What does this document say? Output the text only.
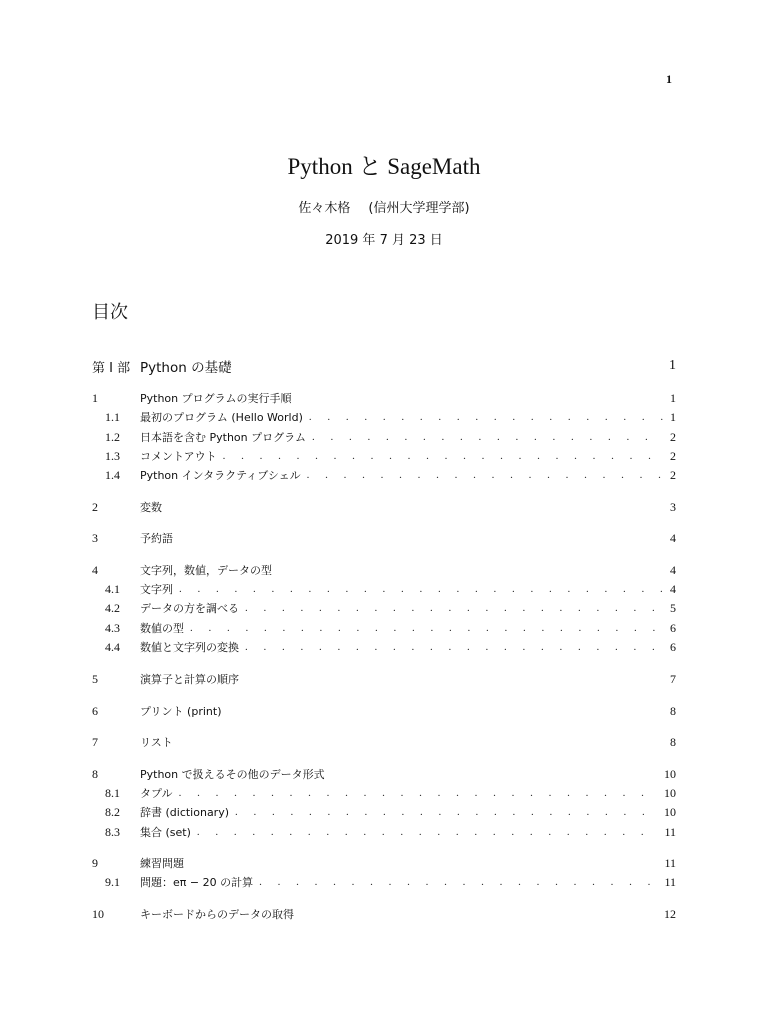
1
Python と SageMath
佐々木格 (信州大学理学部)
2019 年 7 月 23 日
目次
第 I 部 Python の基礎	1
1	Python プログラムの実行手順	1
1.1	最初のプログラム (Hello World) . . .	1
1.2	日本語を含む Python プログラム . . .	2
1.3	コメントアウト . . .	2
1.4	Python インタラクティブシェル . . .	2
2	変数	3
3	予約語	4
4	文字列，数値，データの型	4
4.1	文字列 . . .	4
4.2	データの方を調べる . . .	5
4.3	数値の型 . . .	6
4.4	数値と文字列の変換 . . .	6
5	演算子と計算の順序	7
6	プリント (print)	8
7	リスト	8
8	Python で扱えるその他のデータ形式	10
8.1	タプル . . .	10
8.2	辞書 (dictionary) . . .	10
8.3	集合 (set) . . .	11
9	練習問題	11
9.1	問題：eπ − 20 の計算 . . .	11
10	キーボードからのデータの取得	12
